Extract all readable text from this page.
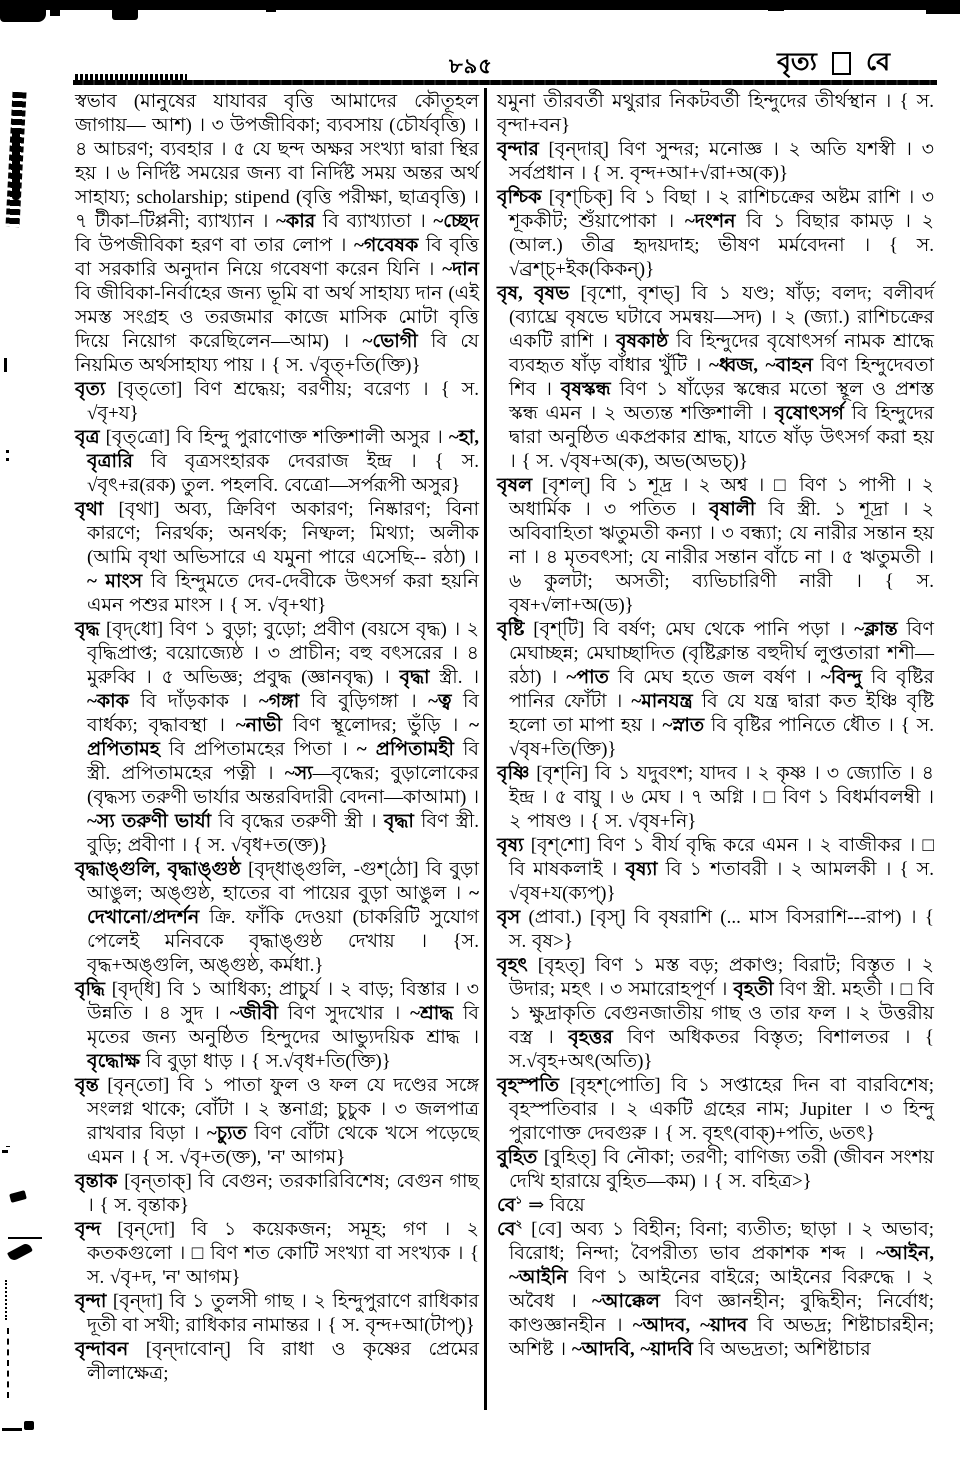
৮৯৫	বৃত্য বে

স্বভাব (মানুষের যাযাবর বৃত্তি আমাদের কৌতূহল জাগায়— আশ) । ৩ উপজীবিকা; ব্যবসায় (চৌর্যবৃত্তি) । ৪ আচরণ; ব্যবহার । ৫ যে ছন্দ অক্ষর সংখ্যা দ্বারা স্থির হয় । ৬ নির্দিষ্ট সময়ের জন্য বা নির্দিষ্ট সময় অন্তর অর্থ সাহায্য; scholarship; stipend (বৃত্তি পরীক্ষা, ছাত্রবৃত্তি) । ৭ টীকা–টিপ্পনী; ব্যাখ্যান । ~কার বি ব্যাখ্যাতা । ~চ্ছেদ বি উপজীবিকা হরণ বা তার লোপ । ~গবেষক বি বৃত্তি বা সরকারি অনুদান নিয়ে গবেষণা করেন যিনি । ~দান বি জীবিকা-নির্বাহের জন্য ভূমি বা অর্থ সাহায্য দান (এই সমস্ত সংগ্রহ ও তরজমার কাজে মাসিক মোটা বৃত্তি দিয়ে নিয়োগ করেছিলেন—আম) । ~ভোগী বি যে নিয়মিত অর্থসাহায্য পায় । { স. √বৃত্+তি(ক্তি)}

বৃত্য [বৃত্‌তো] বিণ শ্রদ্ধেয়; বরণীয়; বরেণ্য । { স. √বৃ+য}

বৃত্র [বৃত্‌ত্রো] বি হিন্দু পুরাণোক্ত শক্তিশালী অসুর । ~হা, বৃত্রারি বি বৃত্রসংহারক দেবরাজ ইন্দ্র । { স. √বৃৎ+র(রক) তুল. পহলবি. বেত্রো—সর্পরূপী অসুর}

বৃথা [বৃথা] অব্য, ক্রিবিণ অকারণ; নিষ্কারণ; বিনা কারণে; নিরর্থক; অনর্থক; নিষ্ফল; মিথ্যা; অলীক (আমি বৃথা অভিসারে এ যমুনা পারে এসেছি-- রঠা) । ~ মাংস বি হিন্দুমতে দেব-দেবীকে উৎসর্গ করা হয়নি এমন পশুর মাংস । { স. √বৃ+থা}

বৃদ্ধ [বৃদ্‌ধো] বিণ ১ বুড়া; বুড়ো; প্রবীণ (বয়সে বৃদ্ধ) । ২ বৃদ্ধিপ্রাপ্ত; বয়োজ্যেষ্ঠ । ৩ প্রাচীন; বহু বৎসরের । ৪ মুরুব্বি । ৫ অভিজ্ঞ; প্রবুদ্ধ (জ্ঞানবৃদ্ধ) । বৃদ্ধা স্ত্রী. । ~কাক বি দাঁড়কাক । ~গঙ্গা বি বুড়িগঙ্গা । ~ত্ব বি বার্ধক্য; বৃদ্ধাবস্থা । ~নাভী বিণ স্থূলোদর; ভুঁড়ি । ~ প্রপিতামহ বি প্রপিতামহের পিতা । ~ প্রপিতামহী বি স্ত্রী. প্রপিতামহের পত্নী । ~স্য—বৃদ্ধের; বুড়ালোকের (বৃদ্ধস্য তরুণী ভার্যার অন্তরবিদারী বেদনা—কাআমা) । ~স্য তরুণী ভার্যা বি বৃদ্ধের তরুণী স্ত্রী । বৃদ্ধা বিণ স্ত্রী. বুড়ি; প্রবীণা । { স. √বৃধ+ত(ক্ত)}

বৃদ্ধাঙ্গুলি, বৃদ্ধাঙ্গুষ্ঠ [বৃদ্‌ধাঙ্‌গুলি, -গুশ্‌ঠো] বি বুড়া আঙুল; অঙ্গুষ্ঠ, হাতের বা পায়ের বুড়া আঙুল । ~ দেখানো/প্রদর্শন ক্রি. ফাঁকি দেওয়া (চাকরিটি সুযোগ পেলেই মনিবকে বৃদ্ধাঙ্গুষ্ঠ দেখায় । {স. বৃদ্ধ+অঙ্গুলি, অঙ্গুষ্ঠ, কর্মধা.}

বৃদ্ধি [বৃদ্‌ধি] বি ১ আধিক্য; প্রাচুর্য । ২ বাড়; বিস্তার । ৩ উন্নতি । ৪ সুদ । ~জীবী বিণ সুদখোর । ~শ্রাদ্ধ বি মৃতের জন্য অনুষ্ঠিত হিন্দুদের আভ্যুদয়িক শ্রাদ্ধ । বৃদ্ধোক্ষ বি বুড়া ধাড় । { স.√বৃধ+তি(ক্তি)}

বৃন্ত [বৃন্‌তো] বি ১ পাতা ফুল ও ফল যে দণ্ডের সঙ্গে সংলগ্ন থাকে; বোঁটা । ২ স্তনাগ্র; চুচুক । ৩ জলপাত্র রাখবার বিড়া । ~চ্যুত বিণ বোঁটা থেকে খসে পড়েছে এমন । { স. √বৃ+ত(ক্ত), 'ন' আগম}

বৃন্তাক [বৃন্‌তাক্‌] বি বেগুন; তরকারিবিশেষ; বেগুন গাছ । { স. বৃন্তাক}

বৃন্দ [বৃন্‌দো] বি ১ কয়েকজন; সমূহ; গণ । ২ কতকগুলো । □ বিণ শত কোটি সংখ্যা বা সংখ্যক । { স. √বৃ+দ, 'ন' আগম}

বৃন্দা [বৃন্‌দা] বি ১ তুলসী গাছ । ২ হিন্দুপুরাণে রাধিকার দূতী বা সখী; রাধিকার নামান্তর । { স. বৃন্দ+আ(টাপ্‌)}

বৃন্দাবন [বৃন্‌দাবোন্‌] বি রাধা ও কৃষ্ণের প্রেমের লীলাক্ষেত্র;

যমুনা তীরবর্তী মথুরার নিকটবর্তী হিন্দুদের তীর্থস্থান । { স. বৃন্দা+বন}

বৃন্দার [বৃন্‌দার্‌] বিণ সুন্দর; মনোজ্ঞ । ২ অতি যশস্বী । ৩ সর্বপ্রধান । { স. বৃন্দ+আ+√রা+অ(ক)}

বৃশ্চিক [বৃশ্‌চিক্‌] বি ১ বিছা । ২ রাশিচক্রের অষ্টম রাশি । ৩ শূককীট; শুঁয়াপোকা । ~দংশন বি ১ বিছার কামড় । ২ (আল.) তীব্র হৃদয়দাহ; ভীষণ মর্মবেদনা । { স. √ব্রশ্চ্+ইক(কিকন্‌)}

বৃষ, বৃষভ [বৃশো, বৃশভ্‌] বি ১ যণ্ড; ষাঁড়; বলদ; বলীবর্দ (ব্যাঘ্রে বৃষভে ঘটাবে সমন্বয়—সদ) । ২ (জ্যা.) রাশিচক্রের একটি রাশি । বৃষকাষ্ঠ বি হিন্দুদের বৃষোৎসর্গ নামক শ্রাদ্ধে ব্যবহৃত ষাঁড় বাঁধার খুঁটি । ~ধ্বজ, ~বাহন বিণ হিন্দুদেবতা শিব । বৃষস্কন্ধ বিণ ১ ষাঁড়ের স্কন্ধের মতো স্থূল ও প্রশস্ত স্কন্ধ এমন । ২ অত্যন্ত শক্তিশালী । বৃষোৎসর্গ বি হিন্দুদের দ্বারা অনুষ্ঠিত একপ্রকার শ্রাদ্ধ, যাতে ষাঁড় উৎসর্গ করা হয় । { স. √বৃষ+অ(ক), অভ(অভচ্‌)}

বৃষল [বৃশল্‌] বি ১ শূদ্র । ২ অশ্ব । □ বিণ ১ পাপী । ২ অধার্মিক । ৩ পতিত । বৃষালী বি স্ত্রী. ১ শূদ্রা । ২ অবিবাহিতা ঋতুমতী কন্যা । ৩ বন্ধ্যা; যে নারীর সন্তান হয় না । ৪ মৃতবৎসা; যে নারীর সন্তান বাঁচে না । ৫ ঋতুমতী । ৬ কুলটা; অসতী; ব্যভিচারিণী নারী । { স. বৃষ+√লা+অ(ড)}

বৃষ্টি [বৃশ্‌টি] বি বর্ষণ; মেঘ থেকে পানি পড়া । ~ক্লান্ত বিণ মেঘাচ্ছন্ন; মেঘাচ্ছাদিত (বৃষ্টিক্লান্ত বহুদীর্ঘ লুপ্ততারা শশী—রঠা) । ~পাত বি মেঘ হতে জল বর্ষণ । ~বিন্দু বি বৃষ্টির পানির ফোঁটা । ~মানযন্ত্র বি যে যন্ত্র দ্বারা কত ইঞ্চি বৃষ্টি হলো তা মাপা হয় । ~স্নাত বি বৃষ্টির পানিতে ধৌত । { স. √বৃষ+তি(ক্তি)}

বৃষ্ণি [বৃশ্‌নি] বি ১ যদুবংশ; যাদব । ২ কৃষ্ণ । ৩ জ্যোতি । ৪ ইন্দ্র । ৫ বায়ু । ৬ মেঘ । ৭ অগ্নি । □ বিণ ১ বিধর্মাবলম্বী । ২ পাষণ্ড । { স. √বৃষ+নি}

বৃষ্য [বৃশ্‌শো] বিণ ১ বীর্য বৃদ্ধি করে এমন । ২ বাজীকর । □ বি মাষকলাই । বৃষ্যা বি ১ শতাবরী । ২ আমলকী । { স. √বৃষ+য(ক্যপ্‌)}

বৃস (প্রাবা.) [বৃস্‌] বি বৃষরাশি (... মাস বিসরাশি---রাপ) । { স. বৃষ>}

বৃহৎ [বৃহত্‌] বিণ ১ মস্ত বড়; প্রকাণ্ড; বিরাট; বিস্তৃত । ২ উদার; মহৎ । ৩ সমারোহপূর্ণ । বৃহতী বিণ স্ত্রী. মহতী । □ বি ১ ক্ষুদ্রাকৃতি বেগুনজাতীয় গাছ ও তার ফল । ২ উত্তরীয় বস্ত্র । বৃহত্তর বিণ অধিকতর বিস্তৃত; বিশালতর । { স.√বৃহ+অৎ(অতি)}

বৃহস্পতি [বৃহশ্‌পোতি] বি ১ সপ্তাহের দিন বা বারবিশেষ; বৃহস্পতিবার । ২ একটি গ্রহের নাম; Jupiter । ৩ হিন্দু পুরাণোক্ত দেবগুরু । { স. বৃহৎ(বাক্‌)+পতি, ৬তৎ}

বুহিত [বুহিত্‌] বি নৌকা; তরণী; বাণিজ্য তরী (জীবন সংশয় দেখি হারায়ে বুহিত—কম) । { স. বহিত্র>}

বে$^১$ ⇒ বিয়ে

বে$^২$ [বে] অব্য ১ বিহীন; বিনা; ব্যতীত; ছাড়া । ২ অভাব; বিরোধ; নিন্দা; বৈপরীত্য ভাব প্রকাশক শব্দ । ~আইন, ~আইনি বিণ ১ আইনের বাইরে; আইনের বিরুদ্ধে । ২ অবৈধ । ~আক্কেল বিণ জ্ঞানহীন; বুদ্ধিহীন; নির্বোধ; কাণ্ডজ্ঞানহীন । ~আদব, ~য়াদব বি অভদ্র; শিষ্টাচারহীন; অশিষ্ট । ~আদবি, ~য়াদবি বি অভদ্রতা; অশিষ্টাচার
